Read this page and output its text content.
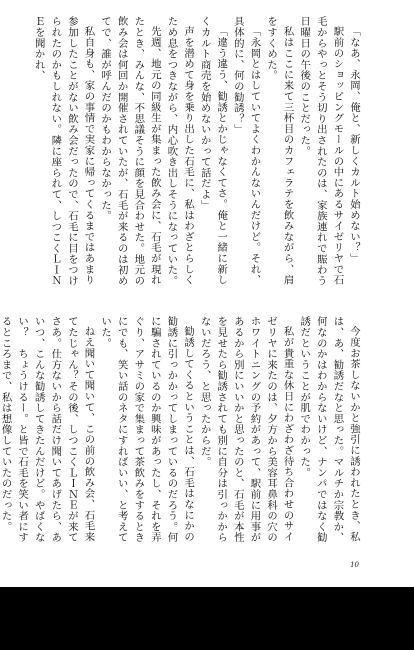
「なあ、永岡、俺と、新しくカルト始めない？」

駅前のショッピングモールの中にあるサイゼリヤで石毛からやっとそう切り出されたのは、家族連れで賑わう日曜日の午後のことだった。

私はここに来て三杯目のカフェラテを飲みながら、肩をすくめた。

「永岡とはしていてよくわかんないんだけど。それ、具体的に、何の勧誘？」

「違う違う、勧誘とかじゃなくてさ。俺と一緒に新しくカルト商売を始めないかって話だよ」

声を潜めて身を乗り出した石毛に、私はわざとらしくため息をつきながら、内心吹き出しそうになっていた。

先週、地元の同級生が集まった飲み会に、石毛が現れたとき、みんな、不思議そうに顔を見合わせた。地元の飲み会は何回か開催されていたが、石毛が来るのは初めてで、誰が呼んだのかもわからなかった。

私自身も、家の事情で実家に帰ってくるまではあまり参加したことがない飲み会だったので、石毛に目をつけられたのかもしれない。隣に座られて、しつこくＬＩＮＥを聞かれ、

今度お茶しないかと強引に誘われたとき、私は、あ、勧誘だなと思った。マルチか宗教か、何なのかはわからないけど、ナンパではなく勧誘だということが肌でわかった。

私が貴重な休日にわざわざ待ち合わせのサイゼリヤに来たのは、夕方から美容耳鼻科の穴のホワイトニングの予約があって、駅前に用事があるから別にいいかと思ったのと、石毛が本性を見せたら勧誘されても別に自分は引っかからないだろう、と思ったからだ。

勧誘してくるということは、石毛はなにかの勧誘に引っかかってしまっているのだろう。何に騙されているのか興味があったし、それを弄ぐり、アサミの家で集まって茶飲みをするときにでも、笑い話のネタにすればいい、と考えていた。

ねえ聞いて聞いて、この前の飲み会、石毛来てたじゃん？その後、しつこくＬＩＮＥが来てさあ。仕方ないから話だけ聞いてあげたら、あいつ、こんな勧誘してきたんだけど。やばくない？　ちょうけるー。と皆で石毛を笑い者にするところまで、私は想像していたのだった。

10
